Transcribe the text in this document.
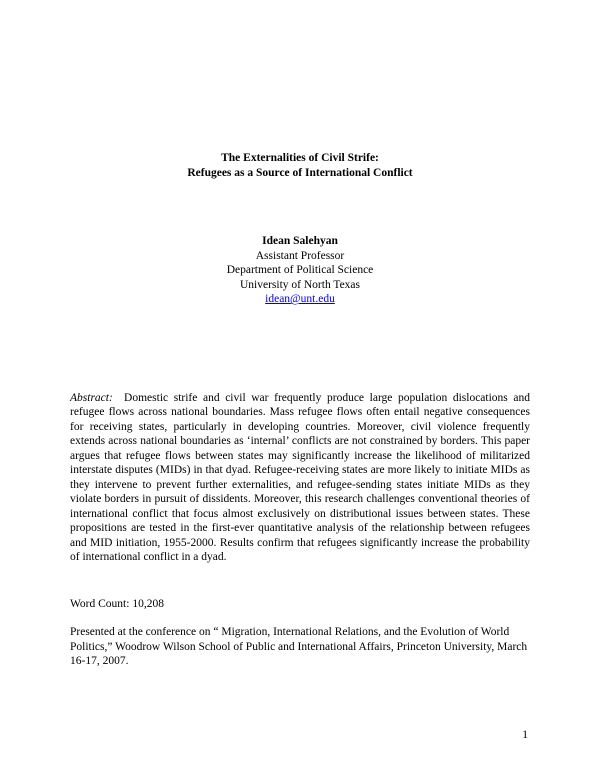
The Externalities of Civil Strife:
Refugees as a Source of International Conflict
Idean Salehyan
Assistant Professor
Department of Political Science
University of North Texas
idean@unt.edu

Abstract: Domestic strife and civil war frequently produce large population dislocations and refugee flows across national boundaries. Mass refugee flows often entail negative consequences for receiving states, particularly in developing countries. Moreover, civil violence frequently extends across national boundaries as ‘internal’ conflicts are not constrained by borders. This paper argues that refugee flows between states may significantly increase the likelihood of militarized interstate disputes (MIDs) in that dyad. Refugee-receiving states are more likely to initiate MIDs as they intervene to prevent further externalities, and refugee-sending states initiate MIDs as they violate borders in pursuit of dissidents. Moreover, this research challenges conventional theories of international conflict that focus almost exclusively on distributional issues between states. These propositions are tested in the first-ever quantitative analysis of the relationship between refugees and MID initiation, 1955-2000. Results confirm that refugees significantly increase the probability of international conflict in a dyad.

Word Count: 10,208

Presented at the conference on “ Migration, International Relations, and the Evolution of World Politics,” Woodrow Wilson School of Public and International Affairs, Princeton University, March 16-17, 2007.

1
